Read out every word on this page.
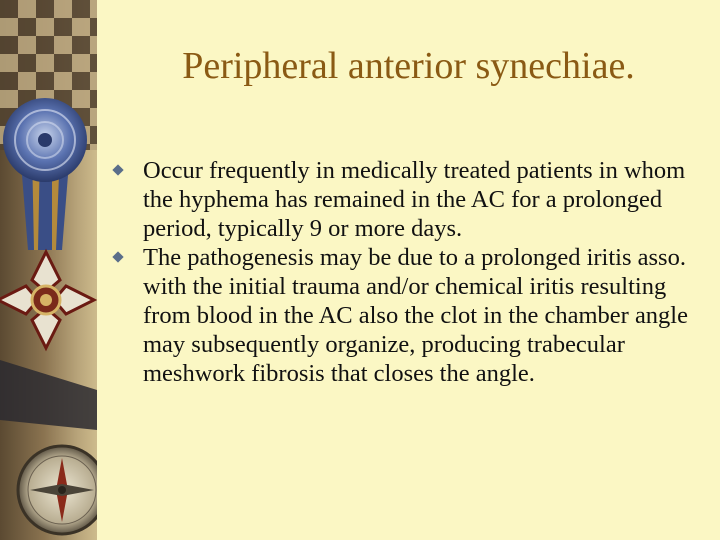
Peripheral anterior synechiae.
Occur frequently in medically treated patients in whom the hyphema has remained in the AC for a prolonged period, typically 9 or more days.
The pathogenesis may be due to a prolonged iritis asso. with the initial trauma and/or chemical iritis resulting from blood in the AC also the clot in the chamber angle may subsequently organize, producing trabecular meshwork fibrosis that closes the angle.
